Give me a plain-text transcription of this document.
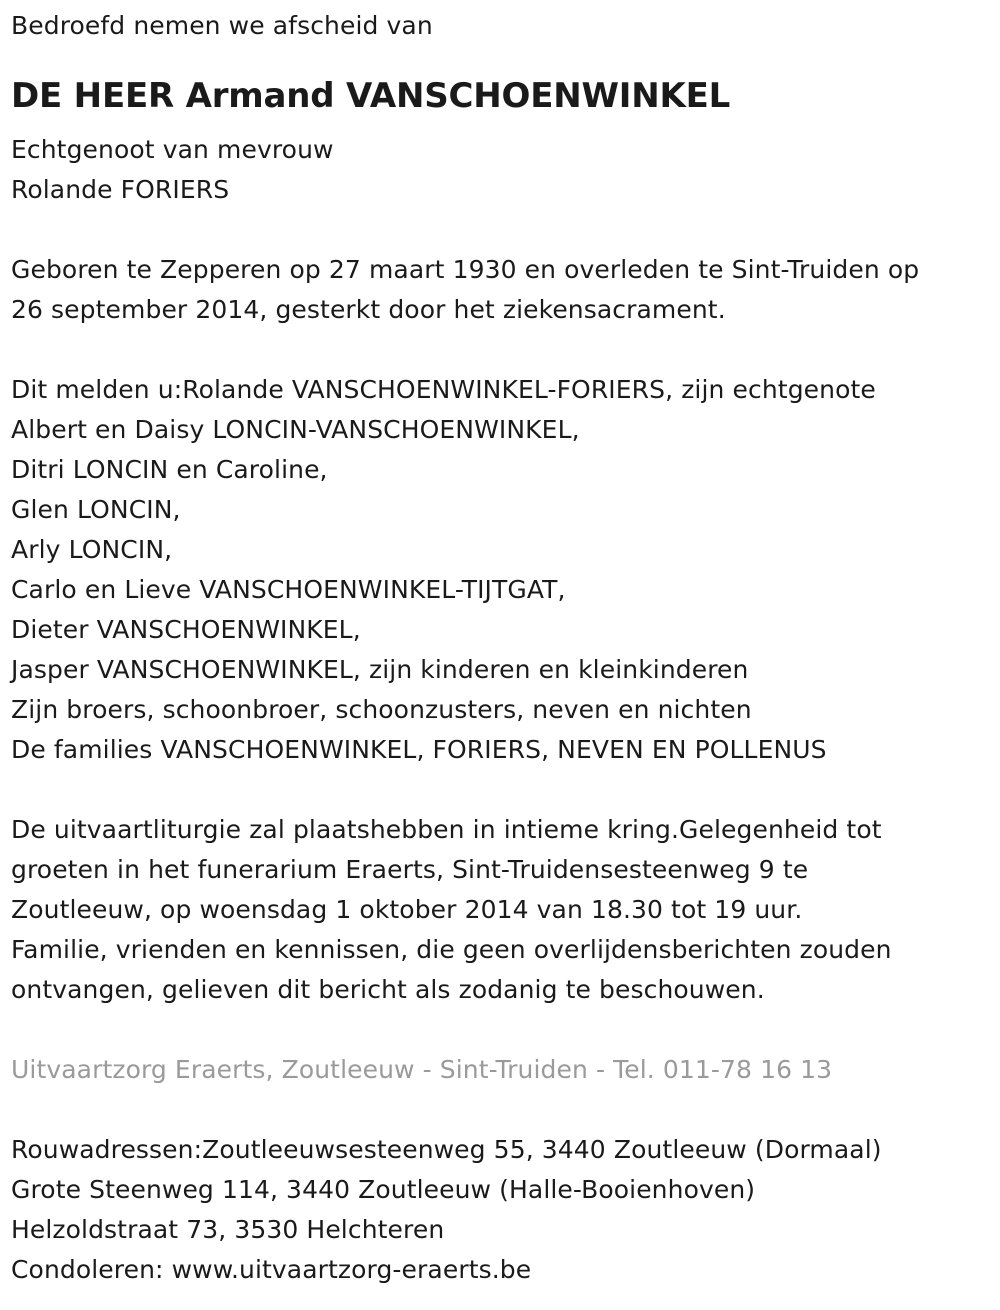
Bedroefd nemen we afscheid van
DE HEER Armand VANSCHOENWINKEL
Echtgenoot van mevrouw
Rolande FORIERS
Geboren te Zepperen op 27 maart 1930 en overleden te Sint-Truiden op
26 september 2014, gesterkt door het ziekensacrament.
Dit melden u:Rolande VANSCHOENWINKEL-FORIERS, zijn echtgenote
Albert en Daisy LONCIN-VANSCHOENWINKEL,
Ditri LONCIN en Caroline,
Glen LONCIN,
Arly LONCIN,
Carlo en Lieve VANSCHOENWINKEL-TIJTGAT,
Dieter VANSCHOENWINKEL,
Jasper VANSCHOENWINKEL, zijn kinderen en kleinkinderen
Zijn broers, schoonbroer, schoonzusters, neven en nichten
De families VANSCHOENWINKEL, FORIERS, NEVEN EN POLLENUS
De uitvaartliturgie zal plaatshebben in intieme kring.Gelegenheid tot
groeten in het funerarium Eraerts, Sint-Truidensesteenweg 9 te
Zoutleeuw, op woensdag 1 oktober 2014 van 18.30 tot 19 uur.
Familie, vrienden en kennissen, die geen overlijdensberichten zouden
ontvangen, gelieven dit bericht als zodanig te beschouwen.
Uitvaartzorg Eraerts, Zoutleeuw - Sint-Truiden - Tel. 011-78 16 13
Rouwadressen:Zoutleeuwsesteenweg 55, 3440 Zoutleeuw (Dormaal)
Grote Steenweg 114, 3440 Zoutleeuw (Halle-Booienhoven)
Helzoldstraat 73, 3530 Helchteren
Condoleren: www.uitvaartzorg-eraerts.be
